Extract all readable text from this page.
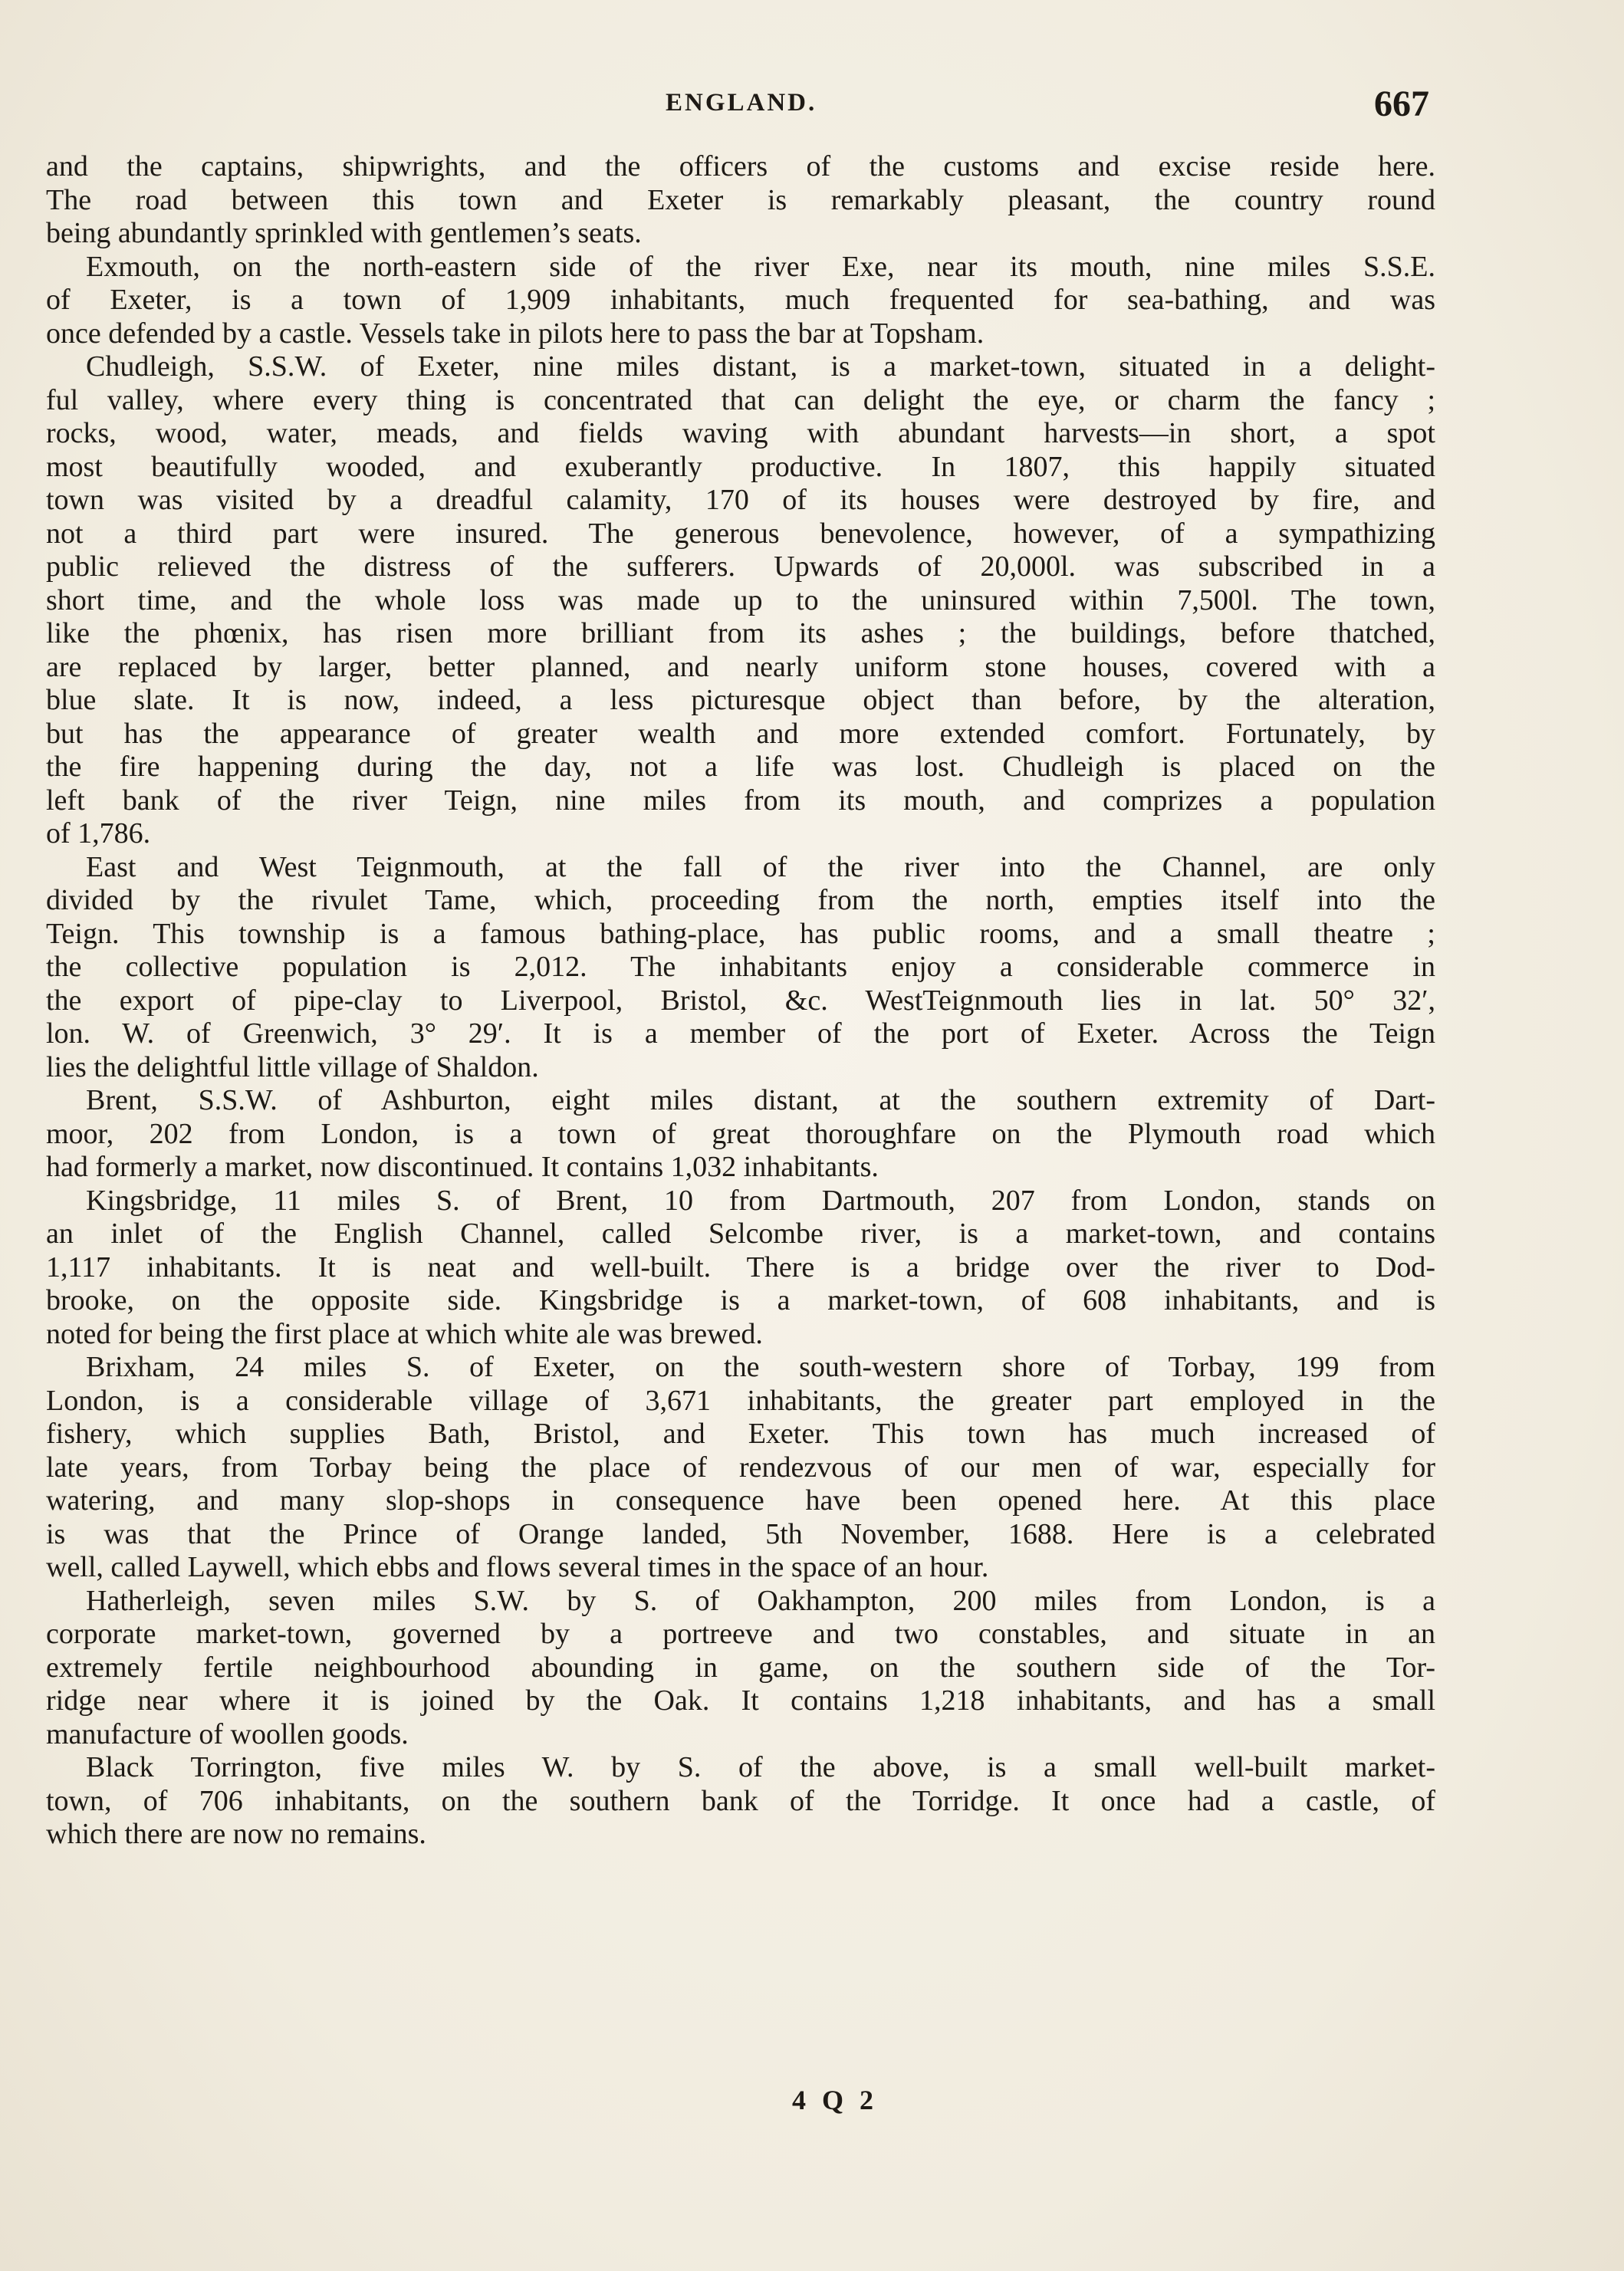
ENGLAND.	667
and the captains, shipwrights, and the officers of the customs and excise reside here.
The road between this town and Exeter is remarkably pleasant, the country round
being abundantly sprinkled with gentlemen’s seats.
Exmouth, on the north-eastern side of the river Exe, near its mouth, nine miles S.S.E.
of Exeter, is a town of 1,909 inhabitants, much frequented for sea-bathing, and was
once defended by a castle. Vessels take in pilots here to pass the bar at Topsham.
Chudleigh, S.S.W. of Exeter, nine miles distant, is a market-town, situated in a delight-
ful valley, where every thing is concentrated that can delight the eye, or charm the fancy ;
rocks, wood, water, meads, and fields waving with abundant harvests—in short, a spot
most beautifully wooded, and exuberantly productive. In 1807, this happily situated
town was visited by a dreadful calamity, 170 of its houses were destroyed by fire, and
not a third part were insured. The generous benevolence, however, of a sympathizing
public relieved the distress of the sufferers. Upwards of 20,000l. was subscribed in a
short time, and the whole loss was made up to the uninsured within 7,500l. The town,
like the phœnix, has risen more brilliant from its ashes ; the buildings, before thatched,
are replaced by larger, better planned, and nearly uniform stone houses, covered with a
blue slate. It is now, indeed, a less picturesque object than before, by the alteration,
but has the appearance of greater wealth and more extended comfort. Fortunately, by
the fire happening during the day, not a life was lost. Chudleigh is placed on the
left bank of the river Teign, nine miles from its mouth, and comprizes a population
of 1,786.
East and West Teignmouth, at the fall of the river into the Channel, are only
divided by the rivulet Tame, which, proceeding from the north, empties itself into the
Teign. This township is a famous bathing-place, has public rooms, and a small theatre ;
the collective population is 2,012. The inhabitants enjoy a considerable commerce in
the export of pipe-clay to Liverpool, Bristol, &c. WestTeignmouth lies in lat. 50° 32′,
lon. W. of Greenwich, 3° 29′. It is a member of the port of Exeter. Across the Teign
lies the delightful little village of Shaldon.
Brent, S.S.W. of Ashburton, eight miles distant, at the southern extremity of Dart-
moor, 202 from London, is a town of great thoroughfare on the Plymouth road which
had formerly a market, now discontinued. It contains 1,032 inhabitants.
Kingsbridge, 11 miles S. of Brent, 10 from Dartmouth, 207 from London, stands on
an inlet of the English Channel, called Selcombe river, is a market-town, and contains
1,117 inhabitants. It is neat and well-built. There is a bridge over the river to Dod-
brooke, on the opposite side. Kingsbridge is a market-town, of 608 inhabitants, and is
noted for being the first place at which white ale was brewed.
Brixham, 24 miles S. of Exeter, on the south-western shore of Torbay, 199 from
London, is a considerable village of 3,671 inhabitants, the greater part employed in the
fishery, which supplies Bath, Bristol, and Exeter. This town has much increased of
late years, from Torbay being the place of rendezvous of our men of war, especially for
watering, and many slop-shops in consequence have been opened here. At this place
is was that the Prince of Orange landed, 5th November, 1688. Here is a celebrated
well, called Laywell, which ebbs and flows several times in the space of an hour.
Hatherleigh, seven miles S.W. by S. of Oakhampton, 200 miles from London, is a
corporate market-town, governed by a portreeve and two constables, and situate in an
extremely fertile neighbourhood abounding in game, on the southern side of the Tor-
ridge near where it is joined by the Oak. It contains 1,218 inhabitants, and has a small
manufacture of woollen goods.
Black Torrington, five miles W. by S. of the above, is a small well-built market-
town, of 706 inhabitants, on the southern bank of the Torridge. It once had a castle, of
which there are now no remains.
4 Q 2
